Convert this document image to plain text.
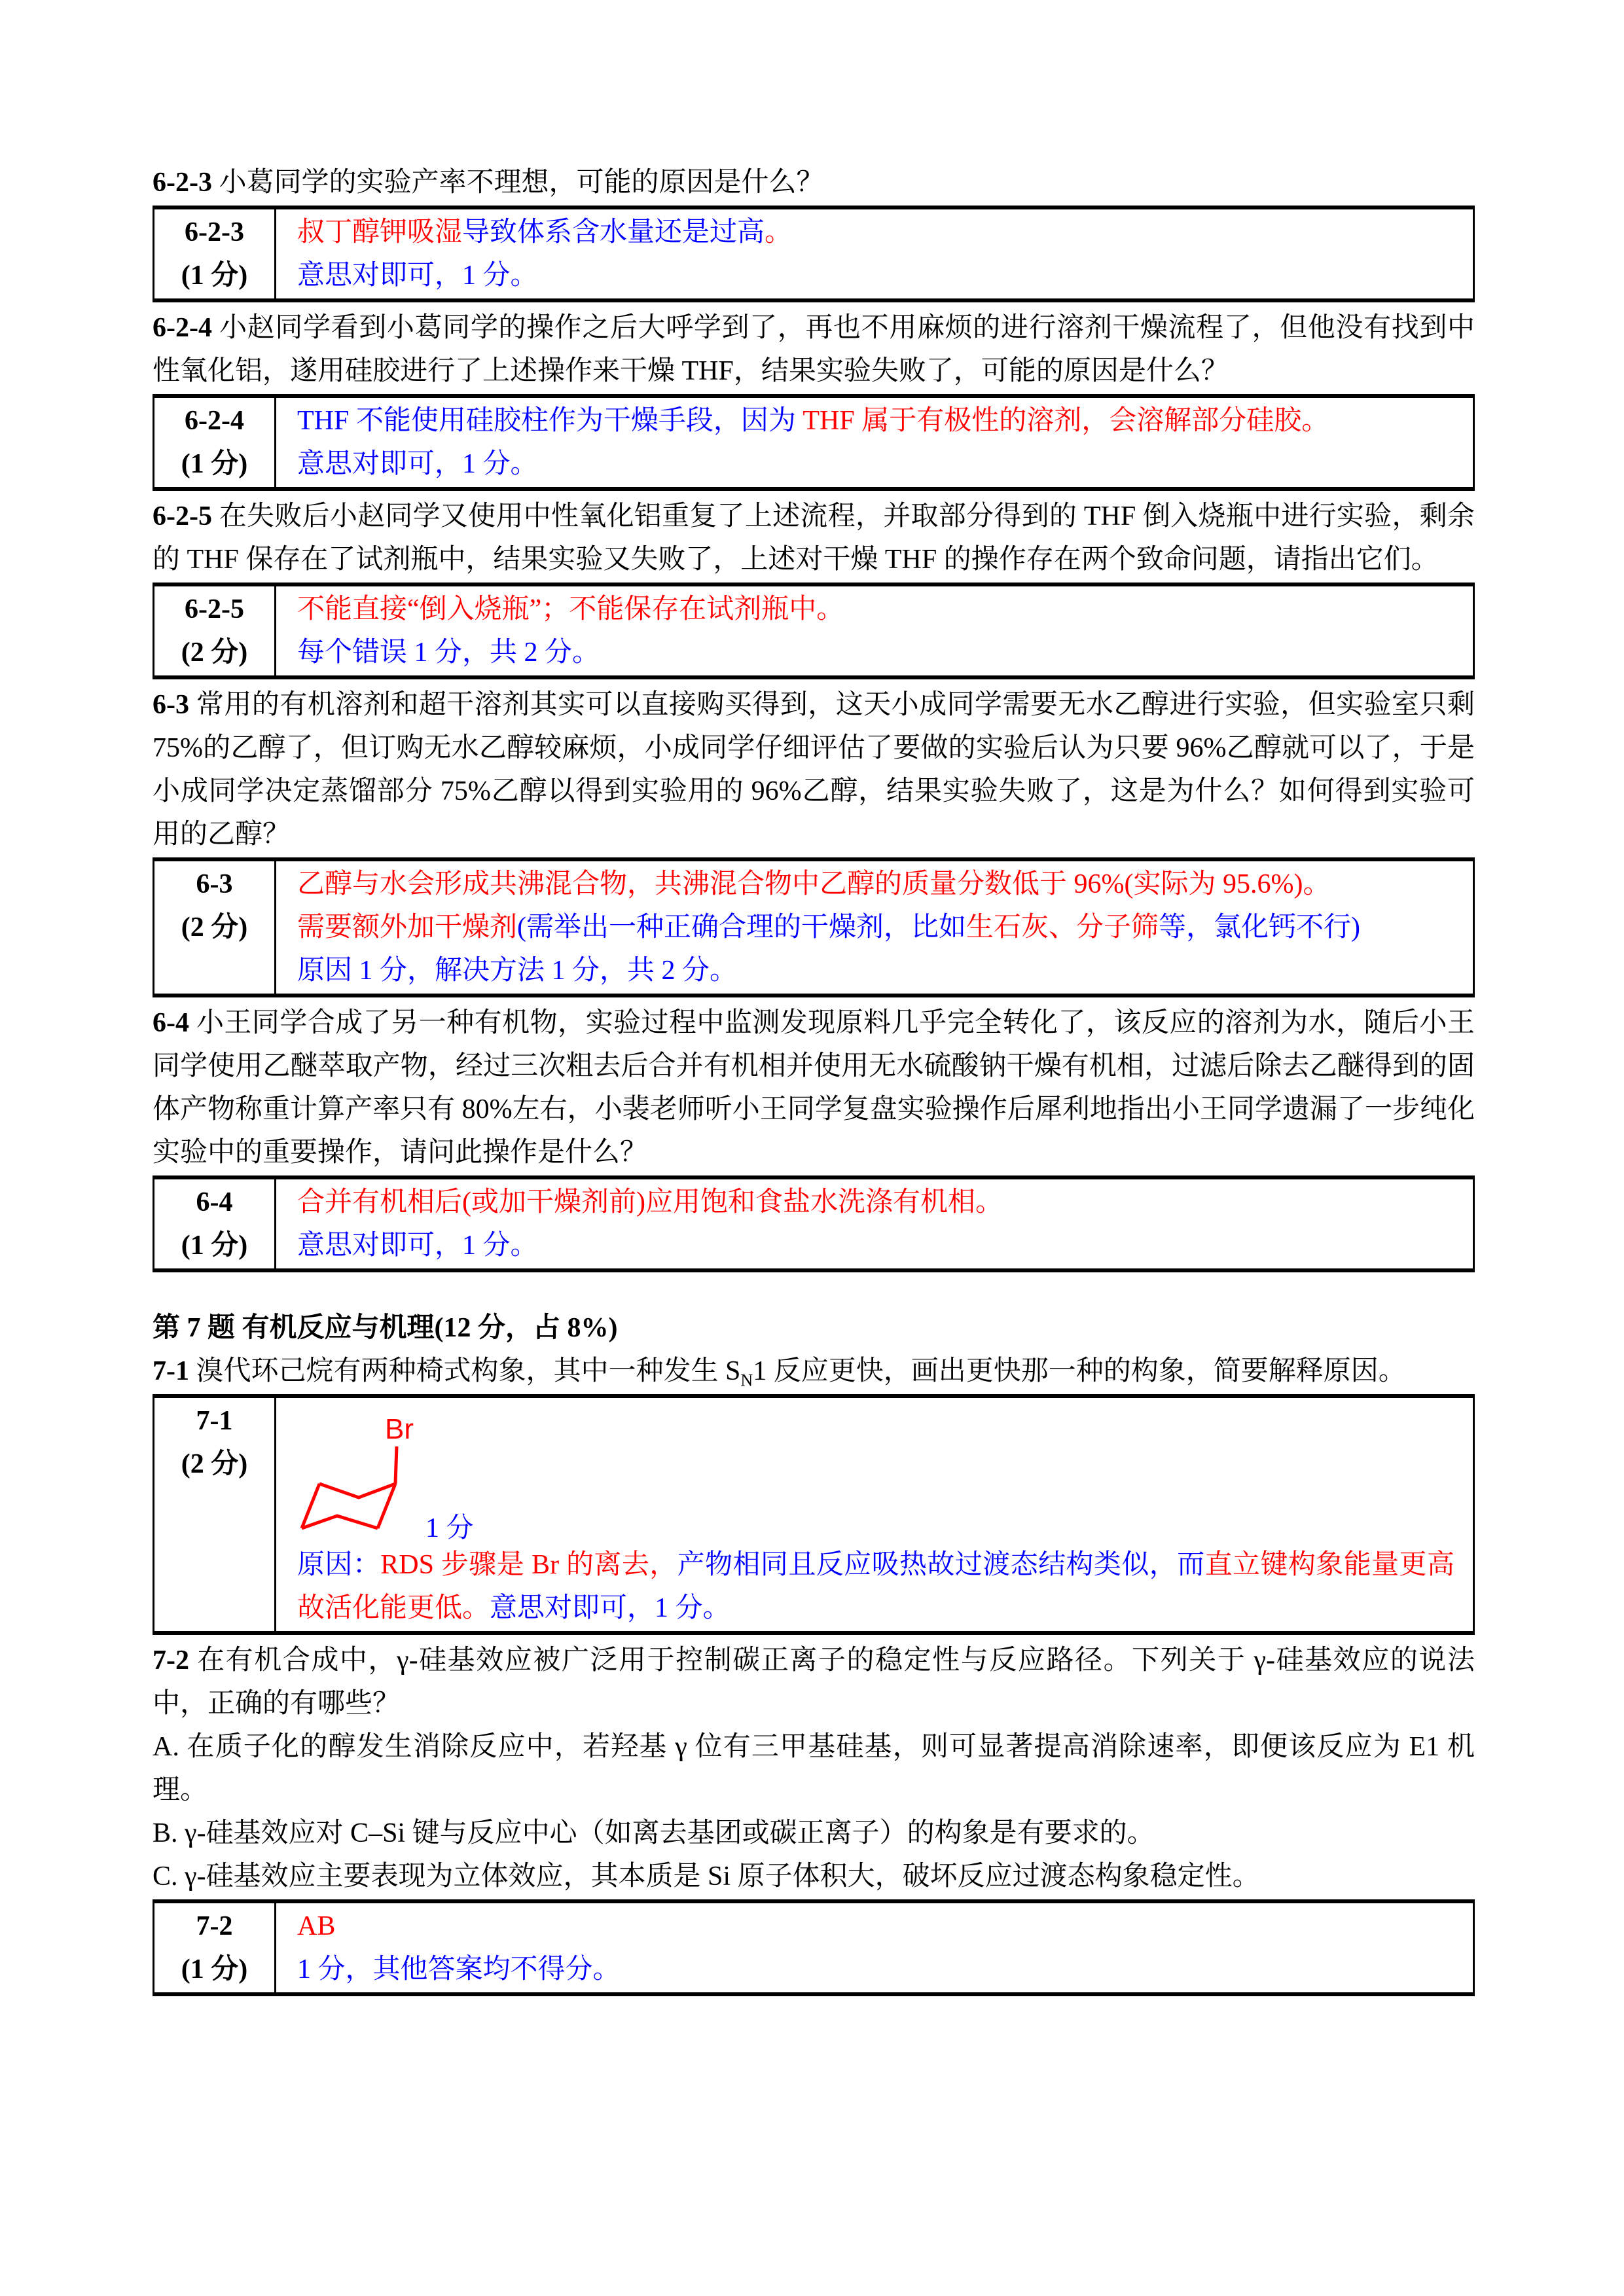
6-2-3 小葛同学的实验产率不理想，可能的原因是什么？

6-2-3
(1 分)
叔丁醇钾吸湿导致体系含水量还是过高。
意思对即可，1 分。

6-2-4 小赵同学看到小葛同学的操作之后大呼学到了，再也不用麻烦的进行溶剂干燥流程了，但他没有找到中性氧化铝，遂用硅胶进行了上述操作来干燥 THF，结果实验失败了，可能的原因是什么？

6-2-4
(1 分)
THF 不能使用硅胶柱作为干燥手段，因为 THF 属于有极性的溶剂，会溶解部分硅胶。
意思对即可，1 分。

6-2-5 在失败后小赵同学又使用中性氧化铝重复了上述流程，并取部分得到的 THF 倒入烧瓶中进行实验，剩余的 THF 保存在了试剂瓶中，结果实验又失败了，上述对干燥 THF 的操作存在两个致命问题，请指出它们。

6-2-5
(2 分)
不能直接“倒入烧瓶”；不能保存在试剂瓶中。
每个错误 1 分，共 2 分。

6-3 常用的有机溶剂和超干溶剂其实可以直接购买得到，这天小成同学需要无水乙醇进行实验，但实验室只剩 75%的乙醇了，但订购无水乙醇较麻烦，小成同学仔细评估了要做的实验后认为只要 96%乙醇就可以了，于是小成同学决定蒸馏部分 75%乙醇以得到实验用的 96%乙醇，结果实验失败了，这是为什么？如何得到实验可用的乙醇？

6-3
(2 分)
乙醇与水会形成共沸混合物，共沸混合物中乙醇的质量分数低于 96%(实际为 95.6%)。
需要额外加干燥剂(需举出一种正确合理的干燥剂，比如生石灰、分子筛等，氯化钙不行)
原因 1 分，解决方法 1 分，共 2 分。

6-4 小王同学合成了另一种有机物，实验过程中监测发现原料几乎完全转化了，该反应的溶剂为水，随后小王同学使用乙醚萃取产物，经过三次粗去后合并有机相并使用无水硫酸钠干燥有机相，过滤后除去乙醚得到的固体产物称重计算产率只有 80%左右，小裴老师听小王同学复盘实验操作后犀利地指出小王同学遗漏了一步纯化实验中的重要操作，请问此操作是什么？

6-4
(1 分)
合并有机相后(或加干燥剂前)应用饱和食盐水洗涤有机相。
意思对即可，1 分。

第 7 题 有机反应与机理(12 分，占 8%)

7-1 溴代环己烷有两种椅式构象，其中一种发生 $S_N1$ 反应更快，画出更快那一种的构象，简要解释原因。

7-1
(2 分)
Br
1 分
原因：RDS 步骤是 Br 的离去，产物相同且反应吸热故过渡态结构类似，而直立键构象能量更高故活化能更低。意思对即可，1 分。

7-2 在有机合成中，γ-硅基效应被广泛用于控制碳正离子的稳定性与反应路径。下列关于 γ-硅基效应的说法中，正确的有哪些？

A. 在质子化的醇发生消除反应中，若羟基 γ 位有三甲基硅基，则可显著提高消除速率，即便该反应为 E1 机理。

B. γ-硅基效应对 C–Si 键与反应中心（如离去基团或碳正离子）的构象是有要求的。

C. γ-硅基效应主要表现为立体效应，其本质是 Si 原子体积大，破坏反应过渡态构象稳定性。

7-2
(1 分)
AB
1 分，其他答案均不得分。
